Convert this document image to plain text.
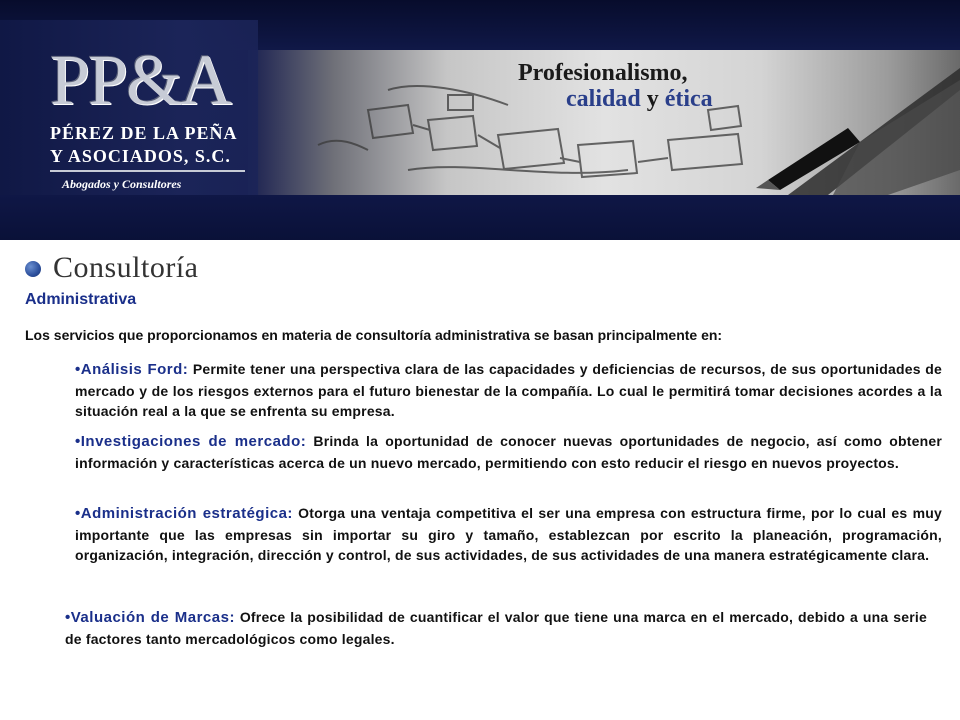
Profesionalismo,
calidad y ética
PP&A
PÉREZ DE LA PEÑA
Y ASOCIADOS, S.C.
Abogados y Consultores
Consultoría
Administrativa
Los servicios que proporcionamos en materia de consultoría administrativa se basan principalmente en:
•Análisis Ford: Permite tener una perspectiva clara de las capacidades y deficiencias de recursos, de sus oportunidades de mercado y de los riesgos externos para el futuro bienestar de la compañía. Lo cual le permitirá tomar decisiones acordes a la situación real a la que se enfrenta su empresa.
•Investigaciones de mercado: Brinda la oportunidad de conocer nuevas oportunidades de negocio, así como obtener información y características acerca de un nuevo mercado, permitiendo con esto reducir el riesgo en nuevos proyectos.
•Administración estratégica: Otorga una ventaja competitiva el ser una empresa con estructura firme, por lo cual es muy importante que las empresas sin importar su giro y tamaño, establezcan por escrito la planeación, programación, organización, integración, dirección y control, de sus actividades, de sus actividades de una manera estratégicamente clara.
•Valuación de Marcas: Ofrece la posibilidad de cuantificar el valor que tiene una marca en el mercado, debido a una serie de factores tanto mercadológicos como legales.
